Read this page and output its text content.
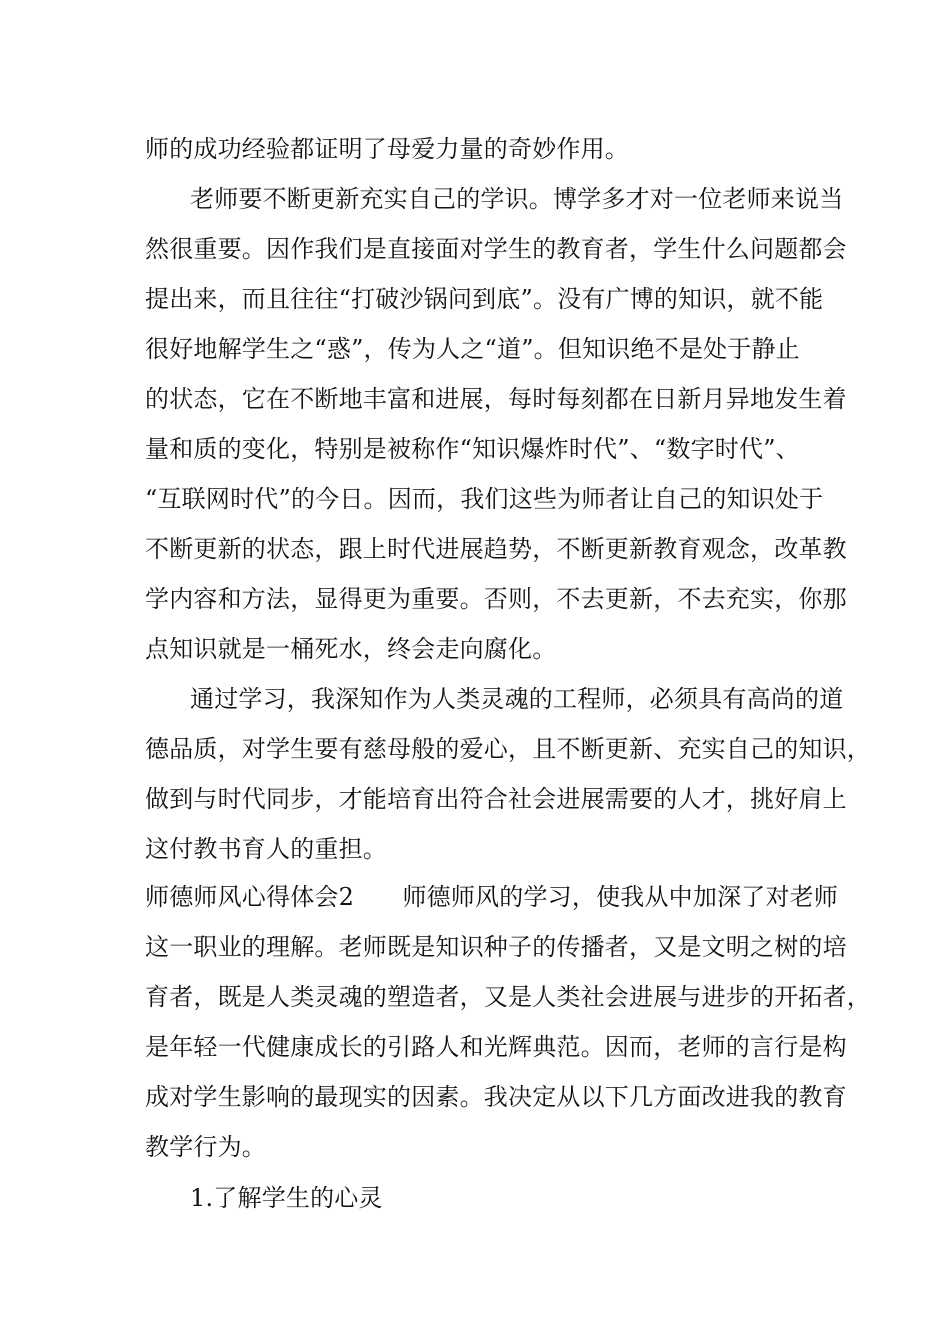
师的成功经验都证明了母爱力量的奇妙作用。
老师要不断更新充实自己的学识。博学多才对一位老师来说当
然很重要。因作我们是直接面对学生的教育者，学生什么问题都会
提出来，而且往往“打破沙锅问到底”。没有广博的知识，就不能
很好地解学生之“惑”，传为人之“道”。但知识绝不是处于静止
的状态，它在不断地丰富和进展，每时每刻都在日新月异地发生着
量和质的变化，特别是被称作“知识爆炸时代”、“数字时代”、
“互联网时代”的今日。因而，我们这些为师者让自己的知识处于
不断更新的状态，跟上时代进展趋势，不断更新教育观念，改革教
学内容和方法，显得更为重要。否则，不去更新，不去充实，你那
点知识就是一桶死水，终会走向腐化。
通过学习，我深知作为人类灵魂的工程师，必须具有高尚的道
德品质，对学生要有慈母般的爱心，且不断更新、充实自己的知识，
做到与时代同步，才能培育出符合社会进展需要的人才，挑好肩上
这付教书育人的重担。
师德师风心得体会2　　师德师风的学习，使我从中加深了对老师
这一职业的理解。老师既是知识种子的传播者，又是文明之树的培
育者，既是人类灵魂的塑造者，又是人类社会进展与进步的开拓者，
是年轻一代健康成长的引路人和光辉典范。因而，老师的言行是构
成对学生影响的最现实的因素。我决定从以下几方面改进我的教育
教学行为。
1.了解学生的心灵
